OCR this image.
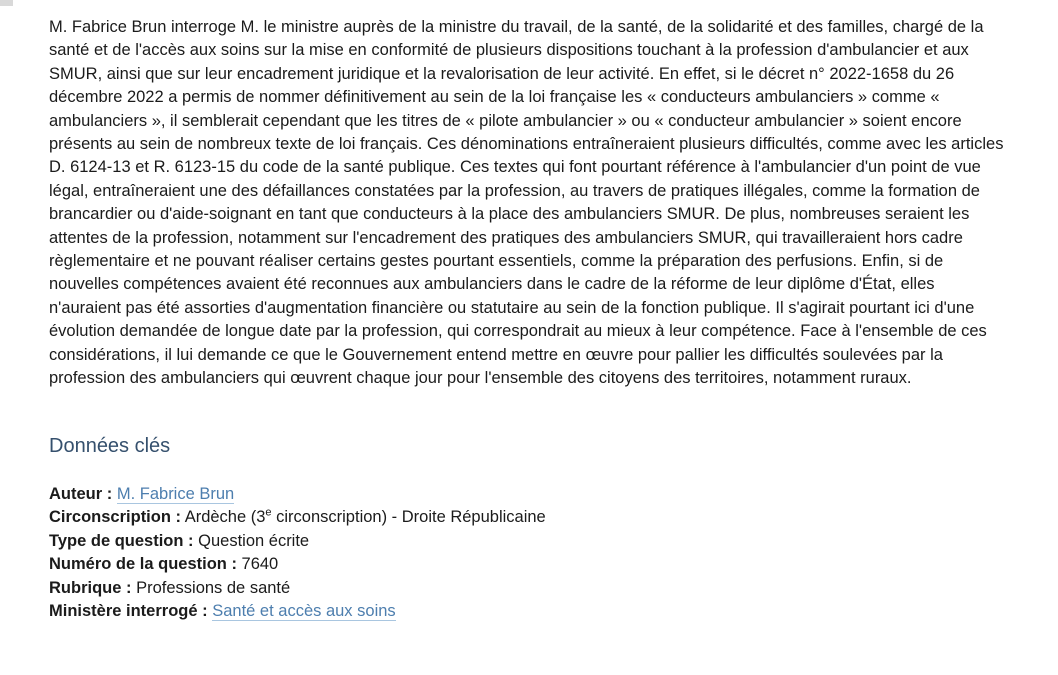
M. Fabrice Brun interroge M. le ministre auprès de la ministre du travail, de la santé, de la solidarité et des familles, chargé de la santé et de l'accès aux soins sur la mise en conformité de plusieurs dispositions touchant à la profession d'ambulancier et aux SMUR, ainsi que sur leur encadrement juridique et la revalorisation de leur activité. En effet, si le décret n° 2022-1658 du 26 décembre 2022 a permis de nommer définitivement au sein de la loi française les « conducteurs ambulanciers » comme « ambulanciers », il semblerait cependant que les titres de « pilote ambulancier » ou « conducteur ambulancier » soient encore présents au sein de nombreux texte de loi français. Ces dénominations entraîneraient plusieurs difficultés, comme avec les articles D. 6124-13 et R. 6123-15 du code de la santé publique. Ces textes qui font pourtant référence à l'ambulancier d'un point de vue légal, entraîneraient une des défaillances constatées par la profession, au travers de pratiques illégales, comme la formation de brancardier ou d'aide-soignant en tant que conducteurs à la place des ambulanciers SMUR. De plus, nombreuses seraient les attentes de la profession, notamment sur l'encadrement des pratiques des ambulanciers SMUR, qui travailleraient hors cadre règlementaire et ne pouvant réaliser certains gestes pourtant essentiels, comme la préparation des perfusions. Enfin, si de nouvelles compétences avaient été reconnues aux ambulanciers dans le cadre de la réforme de leur diplôme d'État, elles n'auraient pas été assorties d'augmentation financière ou statutaire au sein de la fonction publique. Il s'agirait pourtant ici d'une évolution demandée de longue date par la profession, qui correspondrait au mieux à leur compétence. Face à l'ensemble de ces considérations, il lui demande ce que le Gouvernement entend mettre en œuvre pour pallier les difficultés soulevées par la profession des ambulanciers qui œuvrent chaque jour pour l'ensemble des citoyens des territoires, notamment ruraux.

Données clés
Auteur : M. Fabrice Brun
Circonscription : Ardèche (3e circonscription) - Droite Républicaine
Type de question : Question écrite
Numéro de la question : 7640
Rubrique : Professions de santé
Ministère interrogé : Santé et accès aux soins
